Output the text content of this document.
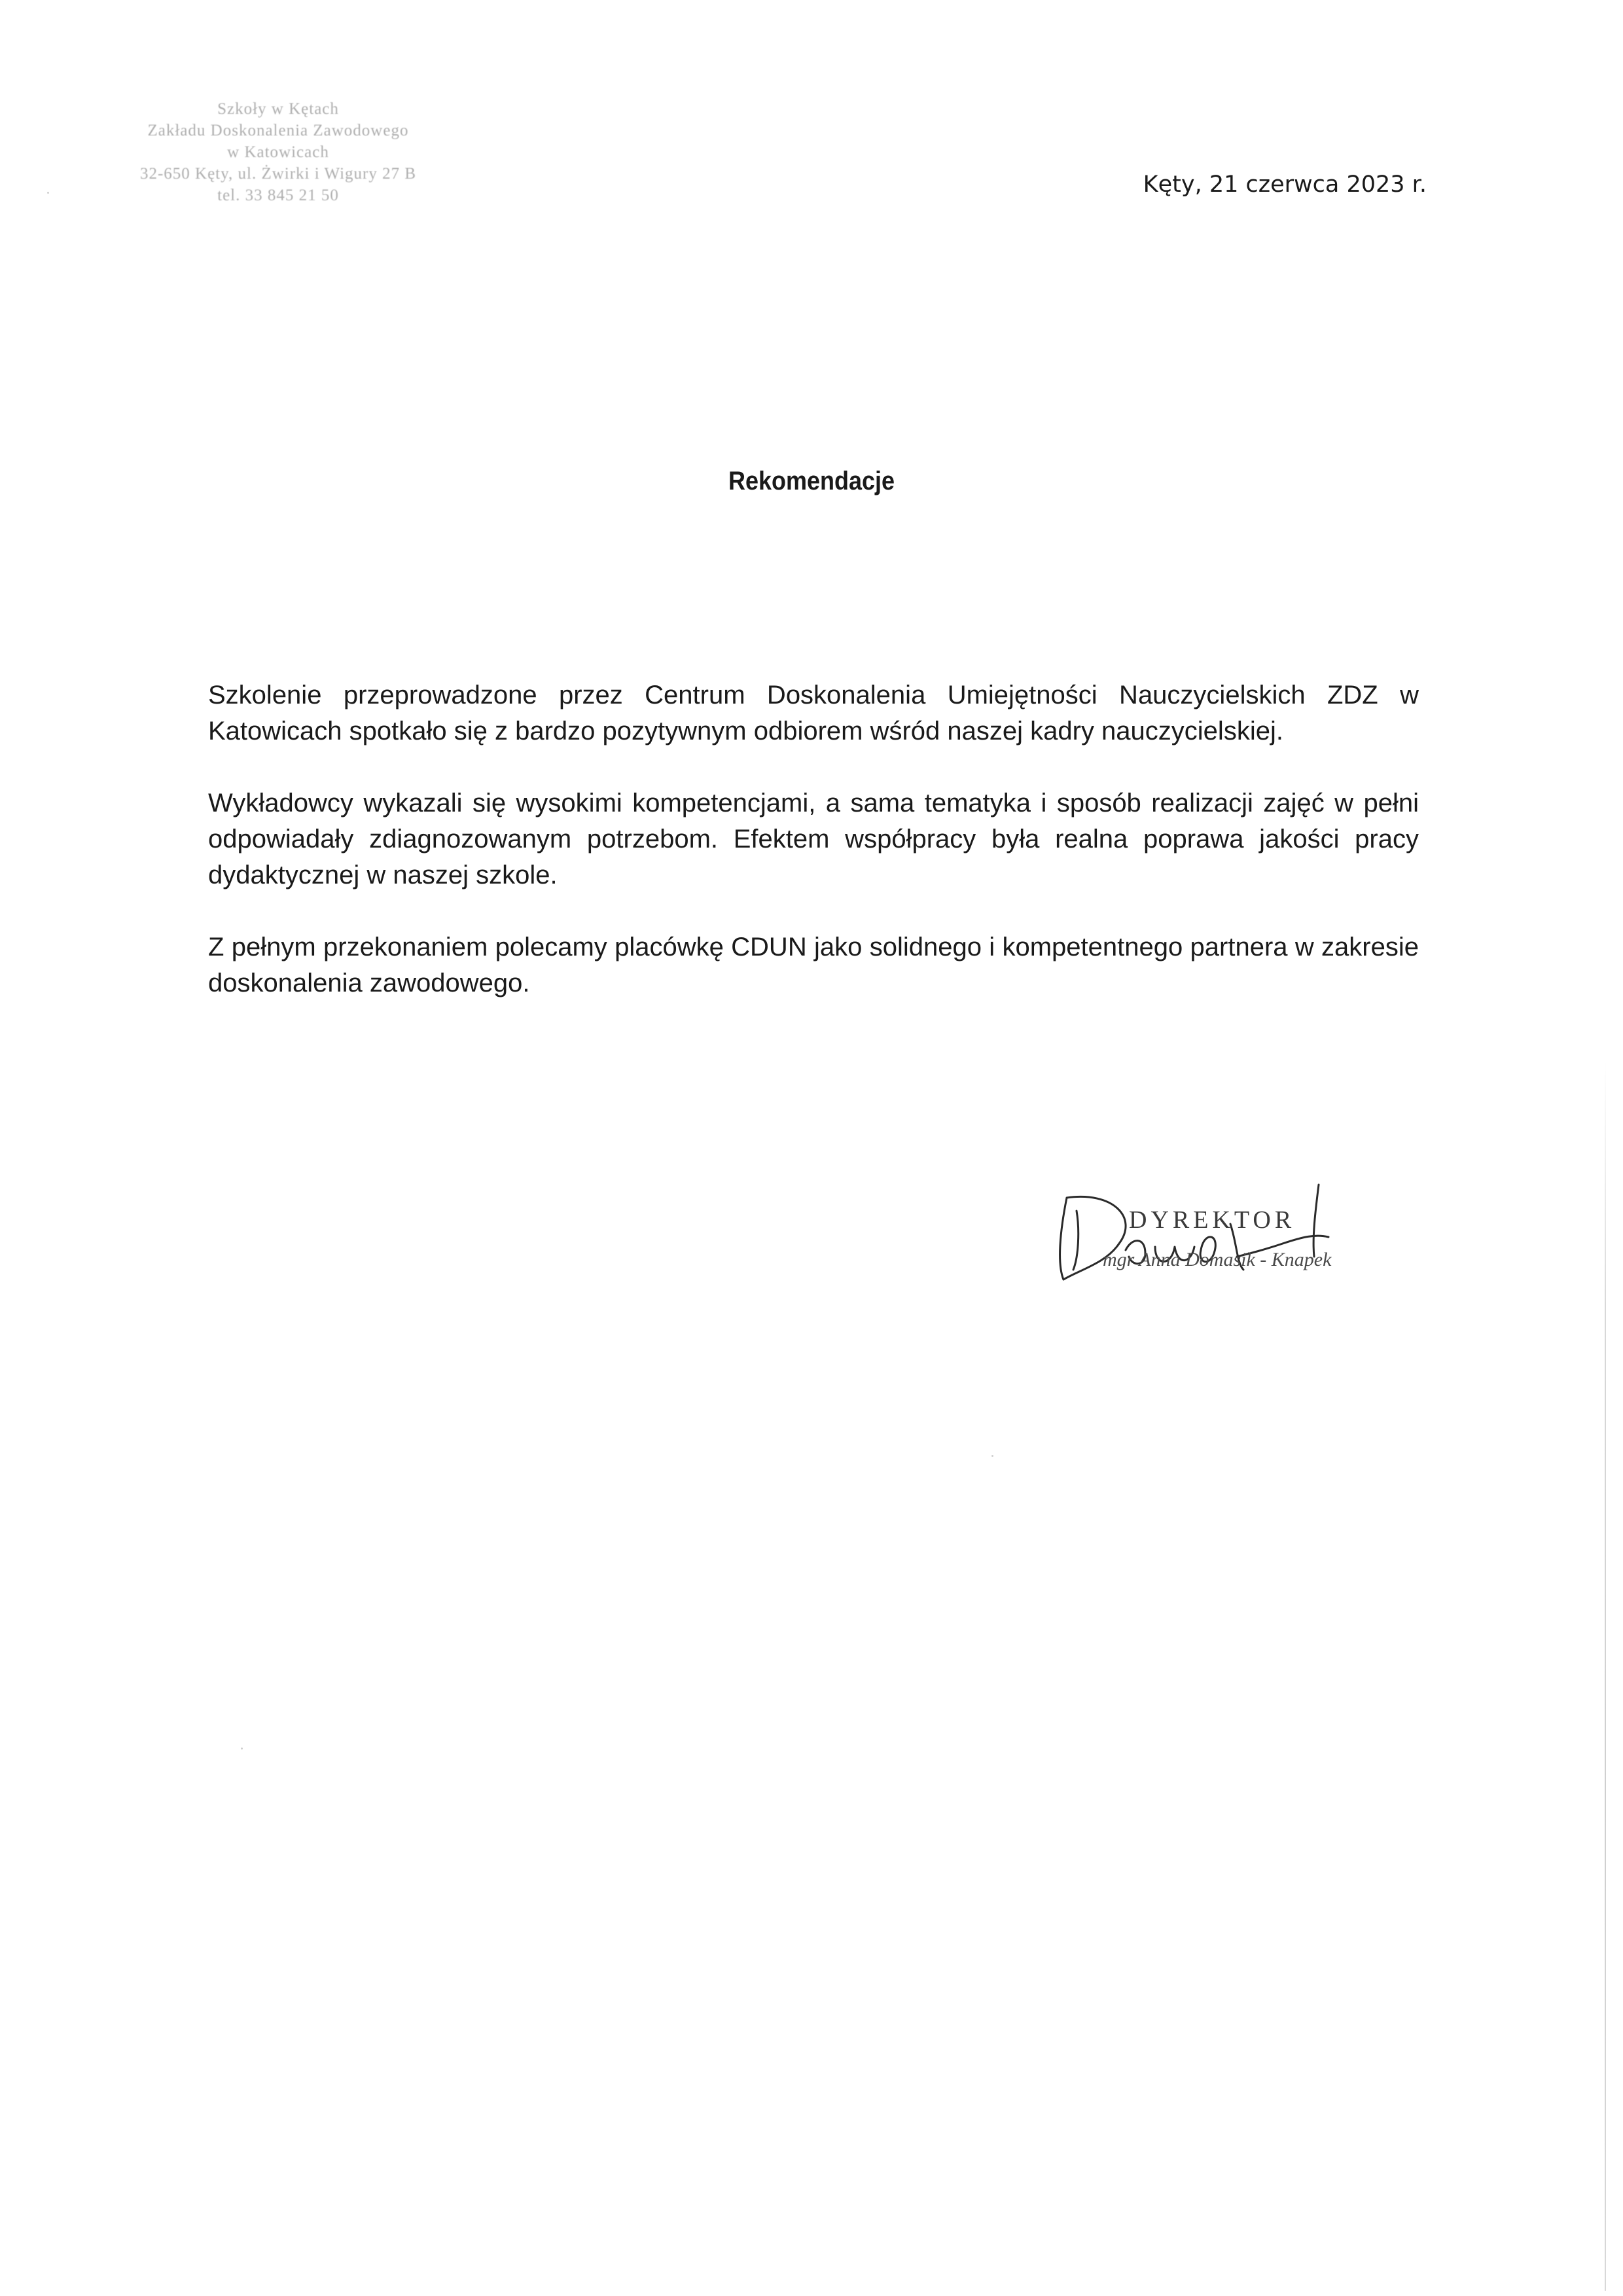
Szkoły w Kętach
Zakładu Doskonalenia Zawodowego
w Katowicach
32-650 Kęty, ul. Żwirki i Wigury 27 B
tel. 33 845 21 50	Kęty, 21 czerwca 2023 r.
Rekomendacje

Szkolenie przeprowadzone przez Centrum Doskonalenia Umiejętności Nauczycielskich ZDZ w Katowicach spotkało się z bardzo pozytywnym odbiorem wśród naszej kadry nauczycielskiej.

Wykładowcy wykazali się wysokimi kompetencjami, a sama tematyka i sposób realizacji zajęć w pełni odpowiadały zdiagnozowanym potrzebom. Efektem współpracy była realna poprawa jakości pracy dydaktycznej w naszej szkole.

Z pełnym przekonaniem polecamy placówkę CDUN jako solidnego i kompetentnego partnera w zakresie doskonalenia zawodowego.

DYREKTOR
mgr Anna Domasik - Knapek
